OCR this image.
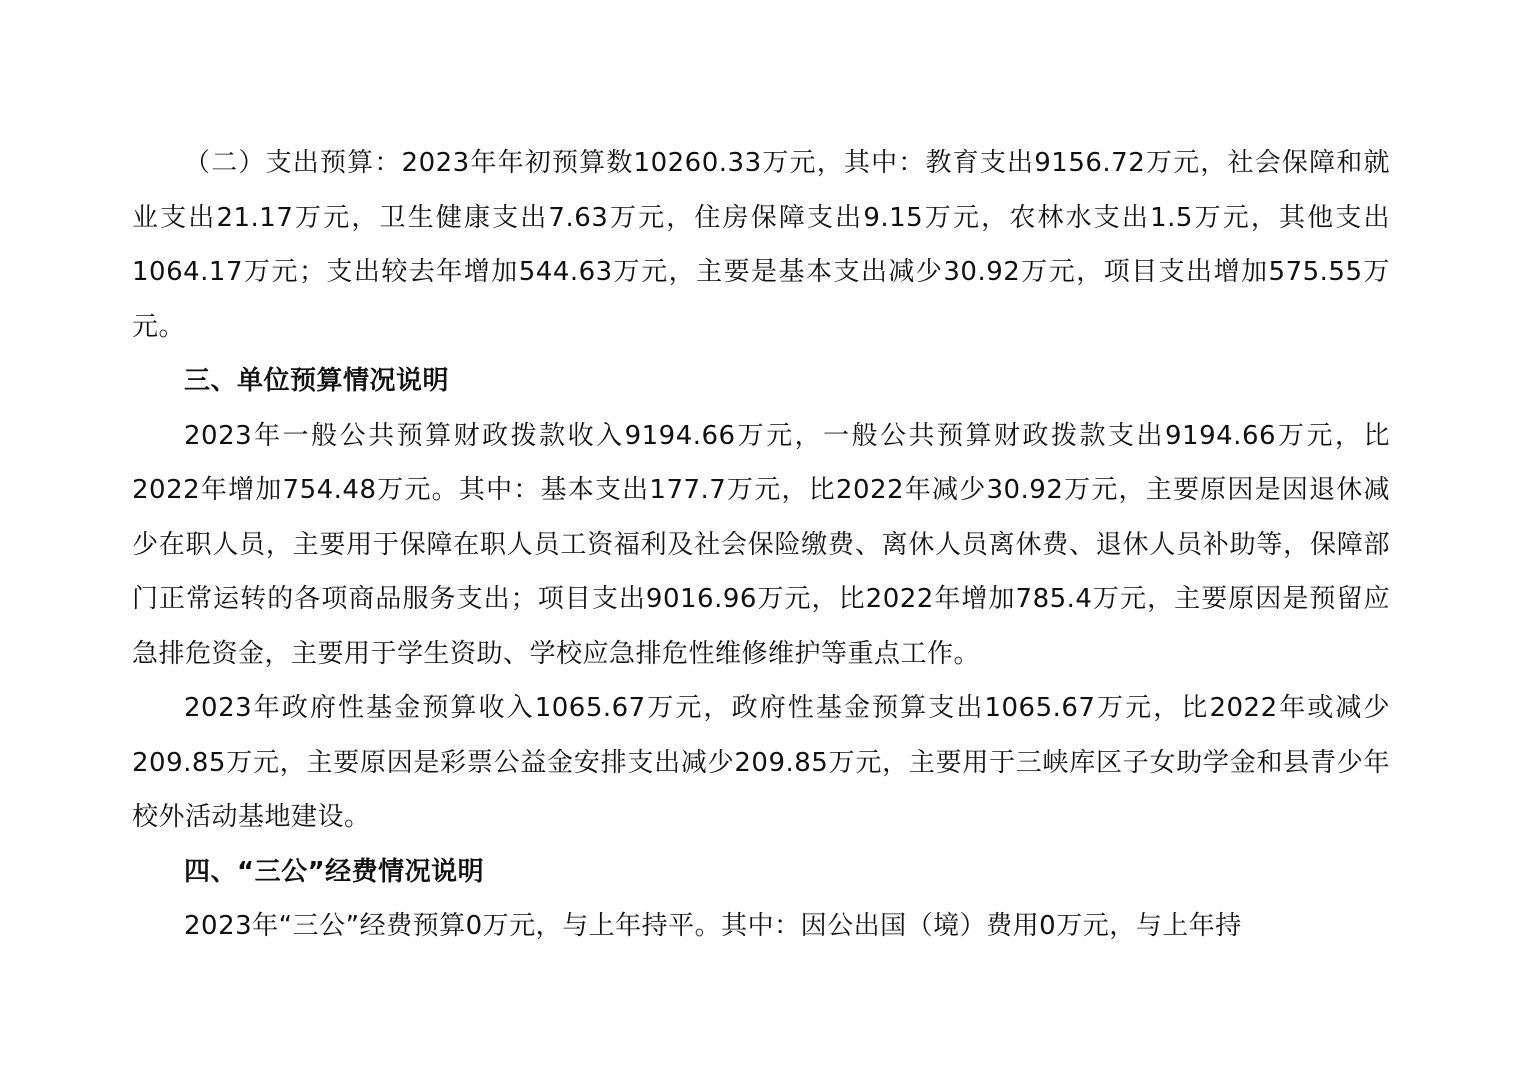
（二）支出预算：2023年年初预算数10260.33万元，其中：教育支出9156.72万元，社会保障和就业支出21.17万元，卫生健康支出7.63万元，住房保障支出9.15万元，农林水支出1.5万元，其他支出1064.17万元；支出较去年增加544.63万元，主要是基本支出减少30.92万元，项目支出增加575.55万元。

三、单位预算情况说明

2023年一般公共预算财政拨款收入9194.66万元，一般公共预算财政拨款支出9194.66万元，比2022年增加754.48万元。其中：基本支出177.7万元，比2022年减少30.92万元，主要原因是因退休减少在职人员，主要用于保障在职人员工资福利及社会保险缴费、离休人员离休费、退休人员补助等，保障部门正常运转的各项商品服务支出；项目支出9016.96万元，比2022年增加785.4万元，主要原因是预留应急排危资金，主要用于学生资助、学校应急排危性维修维护等重点工作。

2023年政府性基金预算收入1065.67万元，政府性基金预算支出1065.67万元，比2022年或减少209.85万元，主要原因是彩票公益金安排支出减少209.85万元，主要用于三峡库区子女助学金和县青少年校外活动基地建设。

四、“三公”经费情况说明

2023年“三公”经费预算0万元，与上年持平。其中：因公出国（境）费用0万元，与上年持
